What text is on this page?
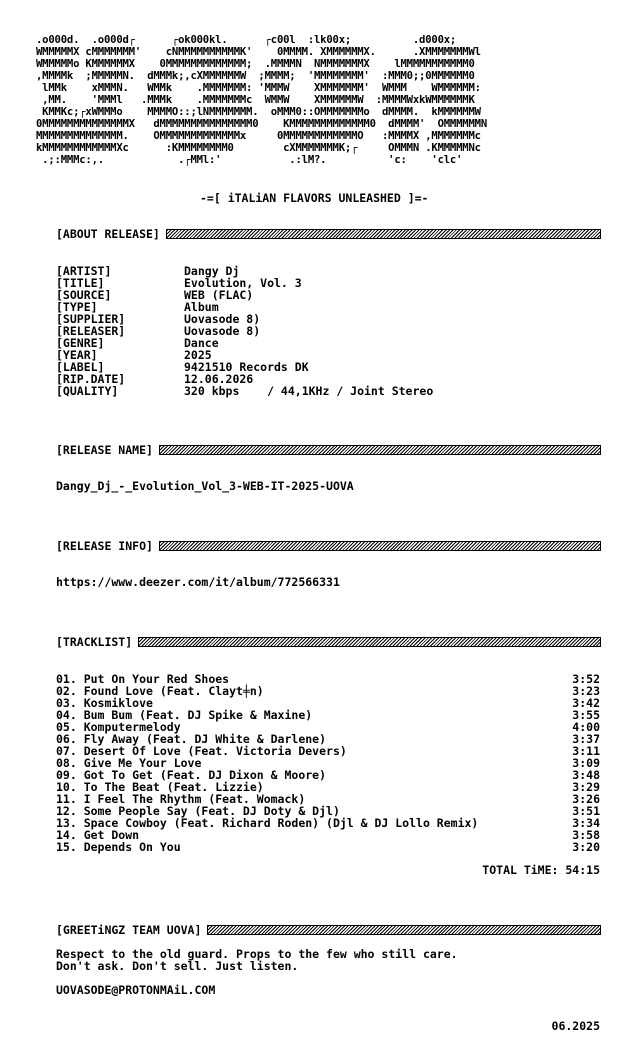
.o000d.  .o000d┌      ┌ok000kl.      ┌c00l  :lk00x;          .d000x;
WMMMMMX cMMMMMMM'    cNMMMMMMMMMMK'    0MMMM. XMMMMMMX.      .XMMMMMMMWl
WMMMMMo KMMMMMMX    0MMMMMMMMMMMMM;  .MMMMN  NMMMMMMMX    lMMMMMMMMMMM0
,MMMMk  ;MMMMMN.  dMMMk;,cXMMMMMMW  ;MMMM;  'MMMMMMMM'  :MMM0;;0MMMMMM0
lMMk    xMMMN.   WMMk    .MMMMMMM: 'MMMW    XMMMMMMM'  WMMM    WMMMMMM:
,MM.    'MMMl   .MMMk    .MMMMMMMc  WMMW    XMMMMMMW  :MMMMWxkWMMMMMMK
KMMKc;┌xWMMMo    MMMMO::;lNMMMMMMM.  oMMM0::OMMMMMMMo  dMMMM.  kMMMMMMW
0MMMMMMMMMMMMMMX   dMMMMMMMMMMMMMMM0    KMMMMMMMMMMMMM0  dMMMM'  OMMMMMMN
MMMMMMMMMMMMMM.    OMMMMMMMMMMMMMx     0MMMMMMMMMMMMO   :MMMMX ,MMMMMMMc
kMMMMMMMMMMMMXc      :KMMMMMMMM0        cXMMMMMMMK;┌     OMMMN .KMMMMMNc
.;:MMMc:,.            .┌MMl:'           .:lM?.          'c:    'clc'
-=[ iTALiAN FLAVORS UNLEASHED ]=-
[ABOUT RELEASE]
[ARTIST]	Dangy Dj
[TITLE]	Evolution, Vol. 3
[SOURCE]	WEB (FLAC)
[TYPE]	Album
[SUPPLIER]	Uovasode 8)
[RELEASER]	Uovasode 8)
[GENRE]	Dance
[YEAR]	2025
[LABEL]	9421510 Records DK
[RIP.DATE]	12.06.2026
[QUALITY]	320 kbps    / 44,1KHz / Joint Stereo
[RELEASE NAME]
Dangy_Dj_-_Evolution_Vol_3-WEB-IT-2025-UOVA
[RELEASE INFO]
https://www.deezer.com/it/album/772566331
[TRACKLIST]
01. Put On Your Red Shoes	3:52
02. Found Love (Feat. Clayt╪n)	3:23
03. Kosmiklove	3:42
04. Bum Bum (Feat. DJ Spike & Maxine)	3:55
05. Komputermelody	4:00
06. Fly Away (Feat. DJ White & Darlene)	3:37
07. Desert Of Love (Feat. Victoria Devers)	3:11
08. Give Me Your Love	3:09
09. Got To Get (Feat. DJ Dixon & Moore)	3:48
10. To The Beat (Feat. Lizzie)	3:29
11. I Feel The Rhythm (Feat. Womack)	3:26
12. Some People Say (Feat. DJ Doty & Djl)	3:51
13. Space Cowboy (Feat. Richard Roden) (Djl & DJ Lollo Remix)	3:34
14. Get Down	3:58
15. Depends On You	3:20
TOTAL TiME: 54:15
[GREETiNGZ TEAM UOVA]
Respect to the old guard. Props to the few who still care.
Don't ask. Don't sell. Just listen.
UOVASODE@PROTONMAiL.COM
06.2025
